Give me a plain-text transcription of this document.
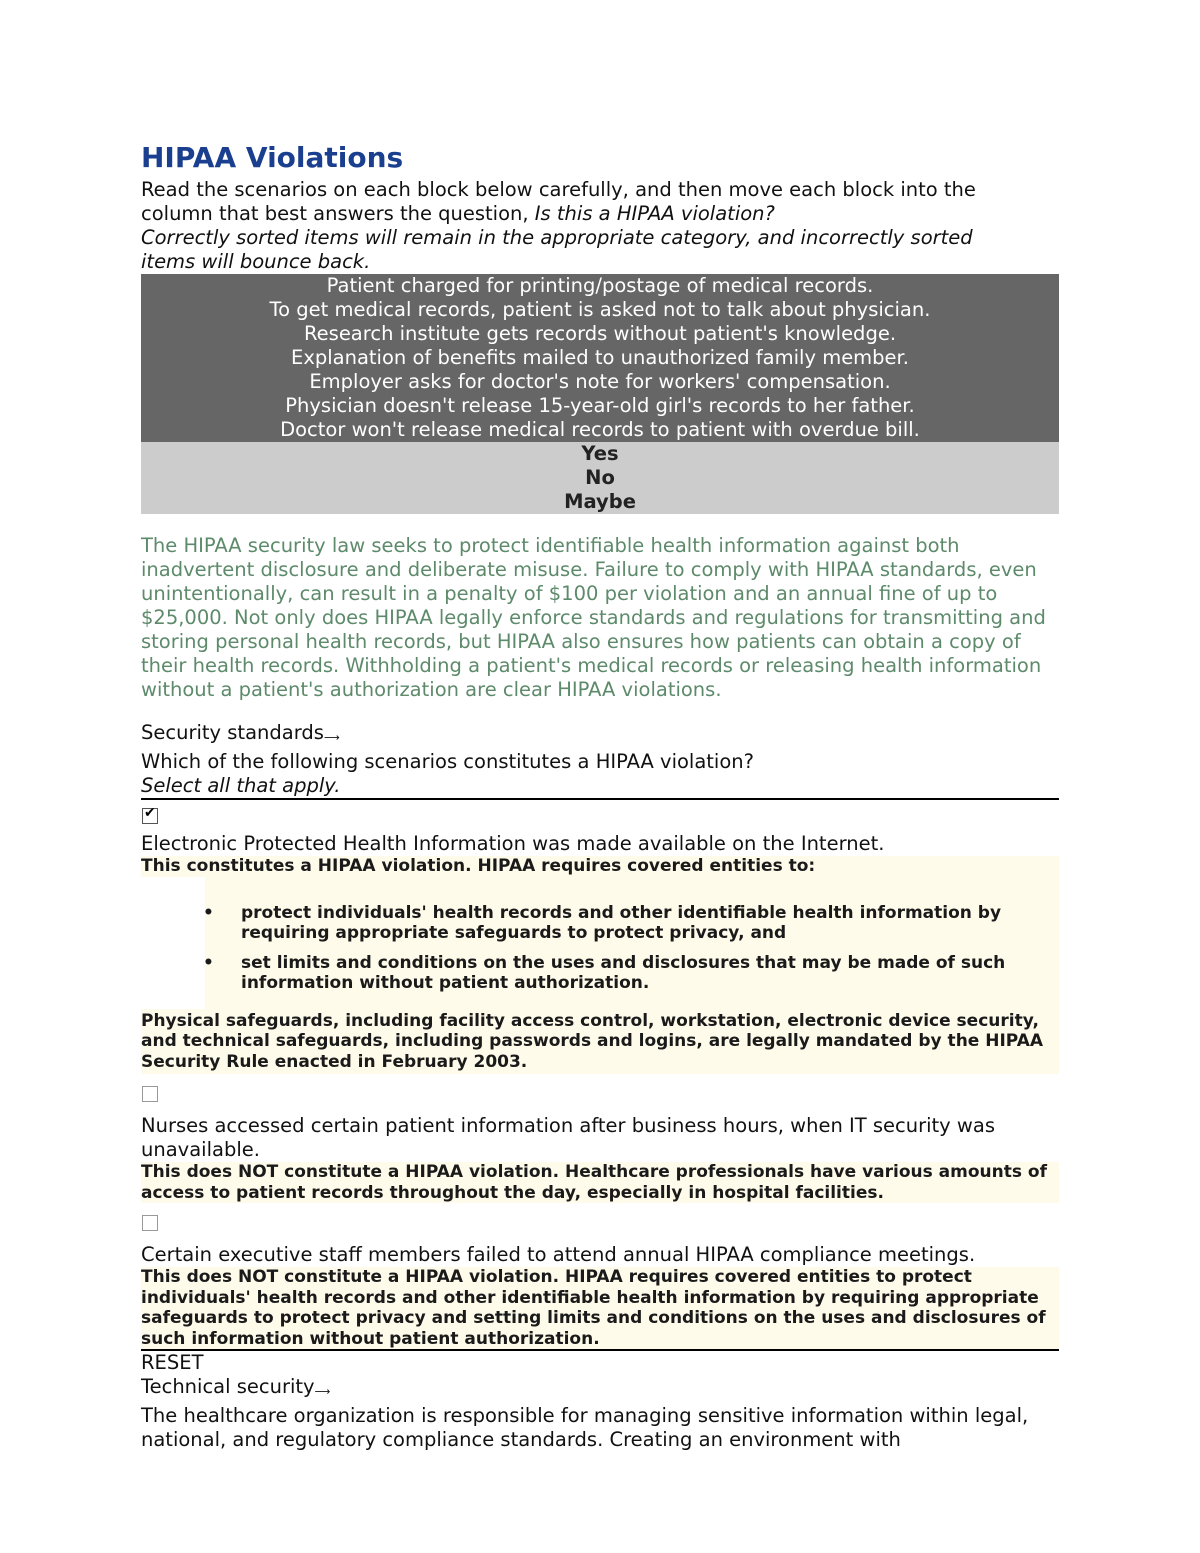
HIPAA Violations

Read the scenarios on each block below carefully, and then move each block into the

column that best answers the question, Is this a HIPAA violation?

Correctly sorted items will remain in the appropriate category, and incorrectly sorted

items will bounce back.

Patient charged for printing/postage of medical records.
To get medical records, patient is asked not to talk about physician.
Research institute gets records without patient's knowledge.
Explanation of benefits mailed to unauthorized family member.
Employer asks for doctor's note for workers' compensation.
Physician doesn't release 15-year-old girl's records to her father.
Doctor won't release medical records to patient with overdue bill.
Yes
No
Maybe

The HIPAA security law seeks to protect identifiable health information against both inadvertent disclosure and deliberate misuse. Failure to comply with HIPAA standards, even unintentionally, can result in a penalty of $100 per violation and an annual fine of up to $25,000. Not only does HIPAA legally enforce standards and regulations for transmitting and storing personal health records, but HIPAA also ensures how patients can obtain a copy of their health records. Withholding a patient's medical records or releasing health information without a patient's authorization are clear HIPAA violations.

Security standards⟶

Which of the following scenarios constitutes a HIPAA violation?

Select all that apply.

✔

Electronic Protected Health Information was made available on the Internet.

This constitutes a HIPAA violation. HIPAA requires covered entities to:
• protect individuals' health records and other identifiable health information by requiring appropriate safeguards to protect privacy, and
• set limits and conditions on the uses and disclosures that may be made of such information without patient authorization.
Physical safeguards, including facility access control, workstation, electronic device security, and technical safeguards, including passwords and logins, are legally mandated by the HIPAA Security Rule enacted in February 2003.

Nurses accessed certain patient information after business hours, when IT security was unavailable.

This does NOT constitute a HIPAA violation. Healthcare professionals have various amounts of access to patient records throughout the day, especially in hospital facilities.

Certain executive staff members failed to attend annual HIPAA compliance meetings.

This does NOT constitute a HIPAA violation. HIPAA requires covered entities to protect individuals' health records and other identifiable health information by requiring appropriate safeguards to protect privacy and setting limits and conditions on the uses and disclosures of such information without patient authorization.

RESET

Technical security⟶

The healthcare organization is responsible for managing sensitive information within legal, national, and regulatory compliance standards. Creating an environment with
